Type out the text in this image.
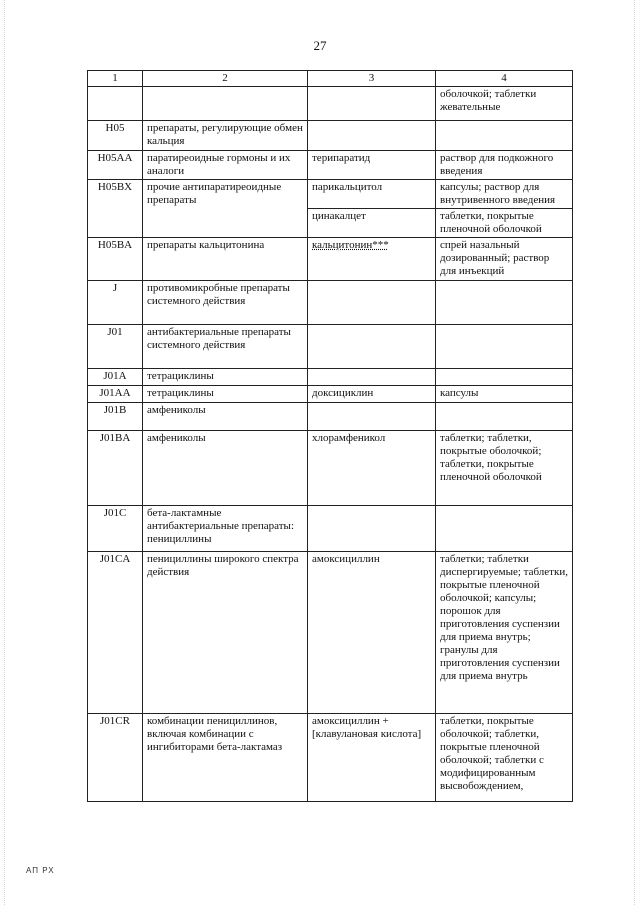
27
1	2	3	4
			оболочкой; таблетки жевательные
H05	препараты, регулирующие обмен кальция		
H05AA	паратиреоидные гормоны и их аналоги	терипаратид	раствор для подкожного введения
H05BX	прочие антипаратиреоидные препараты	парикальцитол	капсулы; раствор для внутривенного введения
		цинакалцет	таблетки, покрытые пленочной оболочкой
H05BA	препараты кальцитонина	кальцитонин***	спрей назальный дозированный; раствор для инъекций
J	противомикробные препараты системного действия		
J01	антибактериальные препараты системного действия		
J01A	тетрациклины		
J01AA	тетрациклины	доксициклин	капсулы
J01B	амфениколы		
J01BA	амфениколы	хлорамфеникол	таблетки; таблетки, покрытые оболочкой; таблетки, покрытые пленочной оболочкой
J01C	бета-лактамные антибактериальные препараты: пенициллины		
J01CA	пенициллины широкого спектра действия	амоксициллин	таблетки; таблетки диспергируемые; таблетки, покрытые пленочной оболочкой; капсулы; порошок для приготовления суспензии для приема внутрь; гранулы для приготовления суспензии для приема внутрь
J01CR	комбинации пенициллинов, включая комбинации с ингибиторами бета-лактамаз	амоксициллин + [клавулановая кислота]	таблетки, покрытые оболочкой; таблетки, покрытые пленочной оболочкой; таблетки с модифицированным высвобождением,
АП РХ
